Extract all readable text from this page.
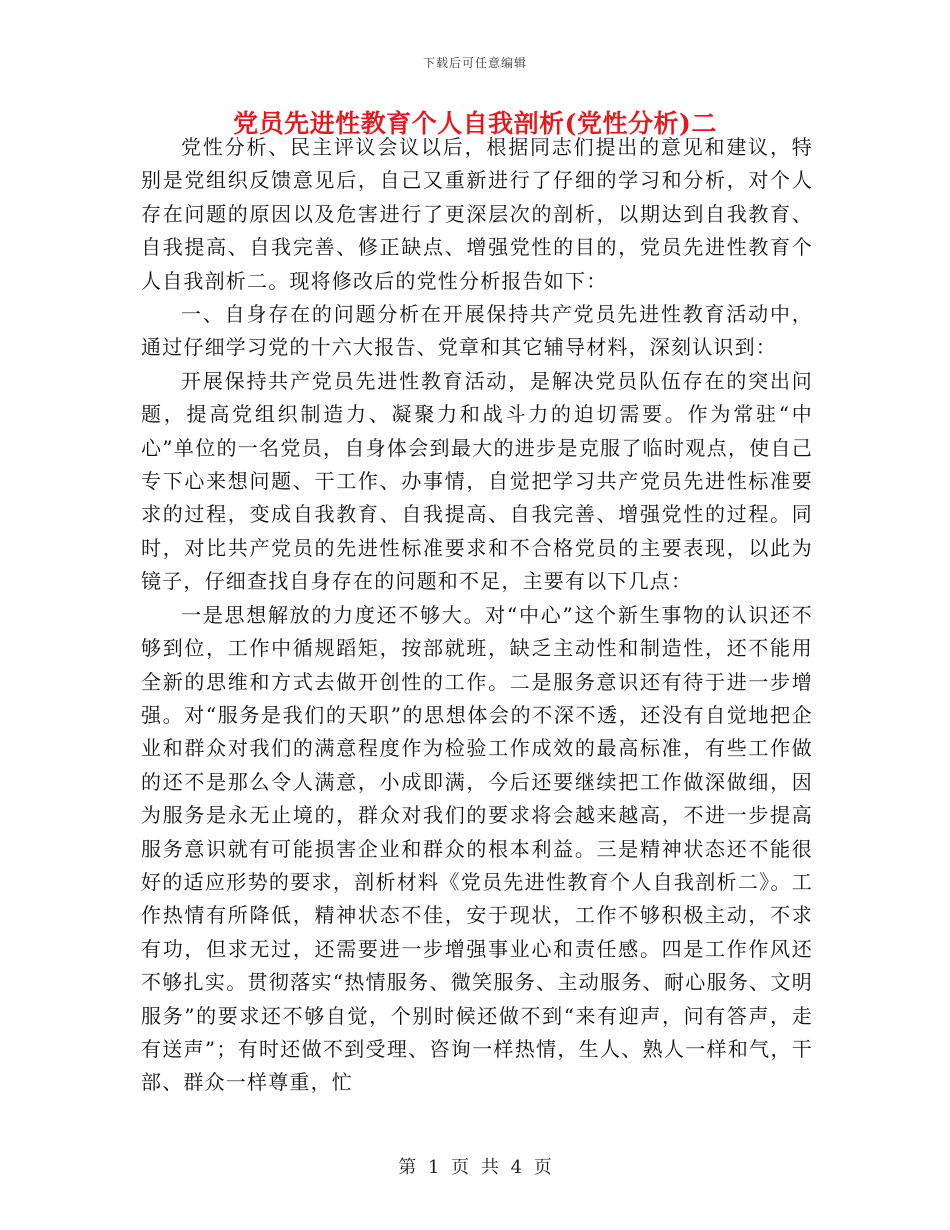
下载后可任意编辑
党员先进性教育个人自我剖析(党性分析)二

党性分析、民主评议会议以后，根据同志们提出的意见和建议，特别是党组织反馈意见后，自己又重新进行了仔细的学习和分析，对个人存在问题的原因以及危害进行了更深层次的剖析，以期达到自我教育、自我提高、自我完善、修正缺点、增强党性的目的，党员先进性教育个人自我剖析二。现将修改后的党性分析报告如下：

一、自身存在的问题分析在开展保持共产党员先进性教育活动中，通过仔细学习党的十六大报告、党章和其它辅导材料，深刻认识到：

开展保持共产党员先进性教育活动，是解决党员队伍存在的突出问题，提高党组织制造力、凝聚力和战斗力的迫切需要。作为常驻“中心”单位的一名党员，自身体会到最大的进步是克服了临时观点，使自己专下心来想问题、干工作、办事情，自觉把学习共产党员先进性标准要求的过程，变成自我教育、自我提高、自我完善、增强党性的过程。同时，对比共产党员的先进性标准要求和不合格党员的主要表现，以此为镜子，仔细查找自身存在的问题和不足，主要有以下几点：

一是思想解放的力度还不够大。对“中心”这个新生事物的认识还不够到位，工作中循规蹈矩，按部就班，缺乏主动性和制造性，还不能用全新的思维和方式去做开创性的工作。二是服务意识还有待于进一步增强。对“服务是我们的天职”的思想体会的不深不透，还没有自觉地把企业和群众对我们的满意程度作为检验工作成效的最高标准，有些工作做的还不是那么令人满意，小成即满，今后还要继续把工作做深做细，因为服务是永无止境的，群众对我们的要求将会越来越高，不进一步提高服务意识就有可能损害企业和群众的根本利益。三是精神状态还不能很好的适应形势的要求，剖析材料《党员先进性教育个人自我剖析二》。工作热情有所降低，精神状态不佳，安于现状，工作不够积极主动，不求有功，但求无过，还需要进一步增强事业心和责任感。四是工作作风还不够扎实。贯彻落实“热情服务、微笑服务、主动服务、耐心服务、文明服务”的要求还不够自觉，个别时候还做不到“来有迎声，问有答声，走有送声”；有时还做不到受理、咨询一样热情，生人、熟人一样和气，干部、群众一样尊重，忙

第 1 页 共 4 页
